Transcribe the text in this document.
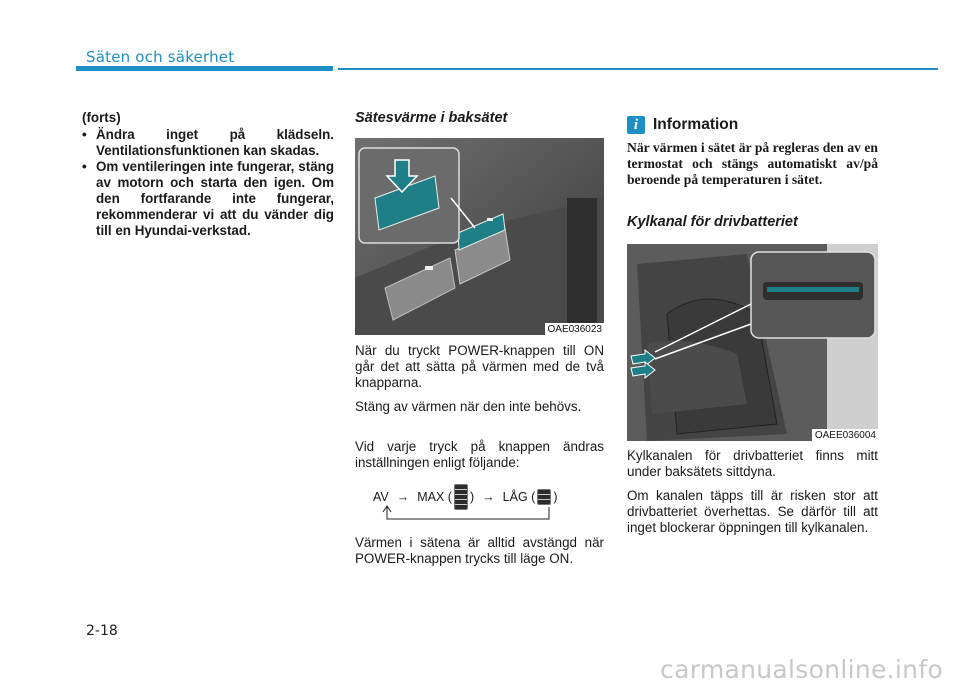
Säten och säkerhet

(forts)

• Ändra inget på klädseln. Ventilationsfunktionen kan skadas.
• Om ventileringen inte fungerar, stäng av motorn och starta den igen. Om den fortfarande inte fungerar, rekommenderar vi att du vänder dig till en Hyundai-verkstad.
Sätesvärme i baksätet
OAE036023

När du tryckt POWER-knappen till ON går det att sätta på värmen med de två knapparna.

Stäng av värmen när den inte behövs.

Vid varje tryck på knappen ändras inställningen enligt följande:

AV → MAX ( ) → LÅG ( )

Värmen i sätena är alltid avstängd när POWER-knappen trycks till läge ON.

i Information

När värmen i sätet är på regleras den av en termostat och stängs automatiskt av/på beroende på temperaturen i sätet.

Kylkanal för drivbatteriet
OAEE036004

Kylkanalen för drivbatteriet finns mitt under baksätets sittdyna.

Om kanalen täpps till är risken stor att drivbatteriet överhettas. Se därför till att inget blockerar öppningen till kylkanalen.

2-18
carmanualsonline.info
